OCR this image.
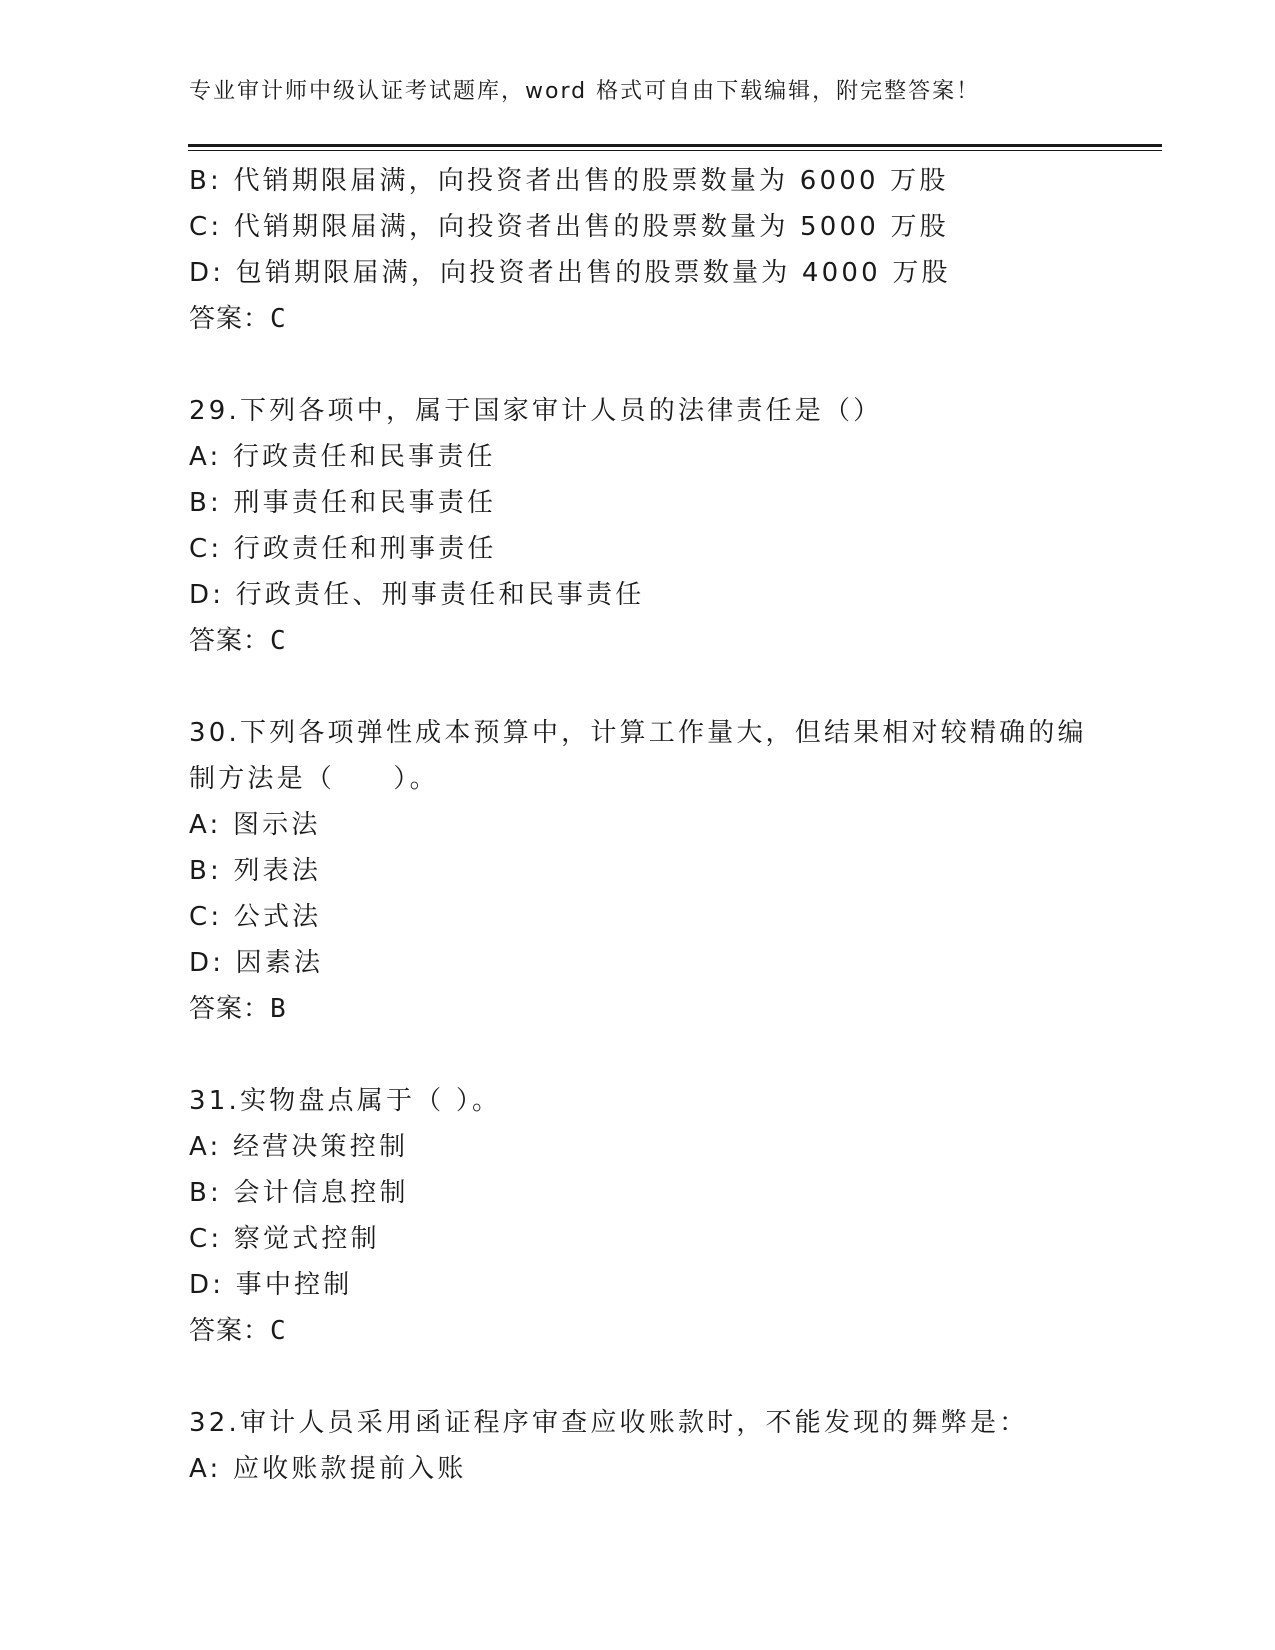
专业审计师中级认证考试题库，word 格式可自由下载编辑，附完整答案！
B: 代销期限届满，向投资者出售的股票数量为 6000 万股
C: 代销期限届满，向投资者出售的股票数量为 5000 万股
D: 包销期限届满，向投资者出售的股票数量为 4000 万股
答案：C
29.下列各项中，属于国家审计人员的法律责任是（）
A: 行政责任和民事责任
B: 刑事责任和民事责任
C: 行政责任和刑事责任
D: 行政责任、刑事责任和民事责任
答案：C
30.下列各项弹性成本预算中，计算工作量大，但结果相对较精确的编
制方法是（　　）。
A: 图示法
B: 列表法
C: 公式法
D: 因素法
答案：B
31.实物盘点属于（ ）。
A: 经营决策控制
B: 会计信息控制
C: 察觉式控制
D: 事中控制
答案：C
32.审计人员采用函证程序审查应收账款时，不能发现的舞弊是：
A: 应收账款提前入账
